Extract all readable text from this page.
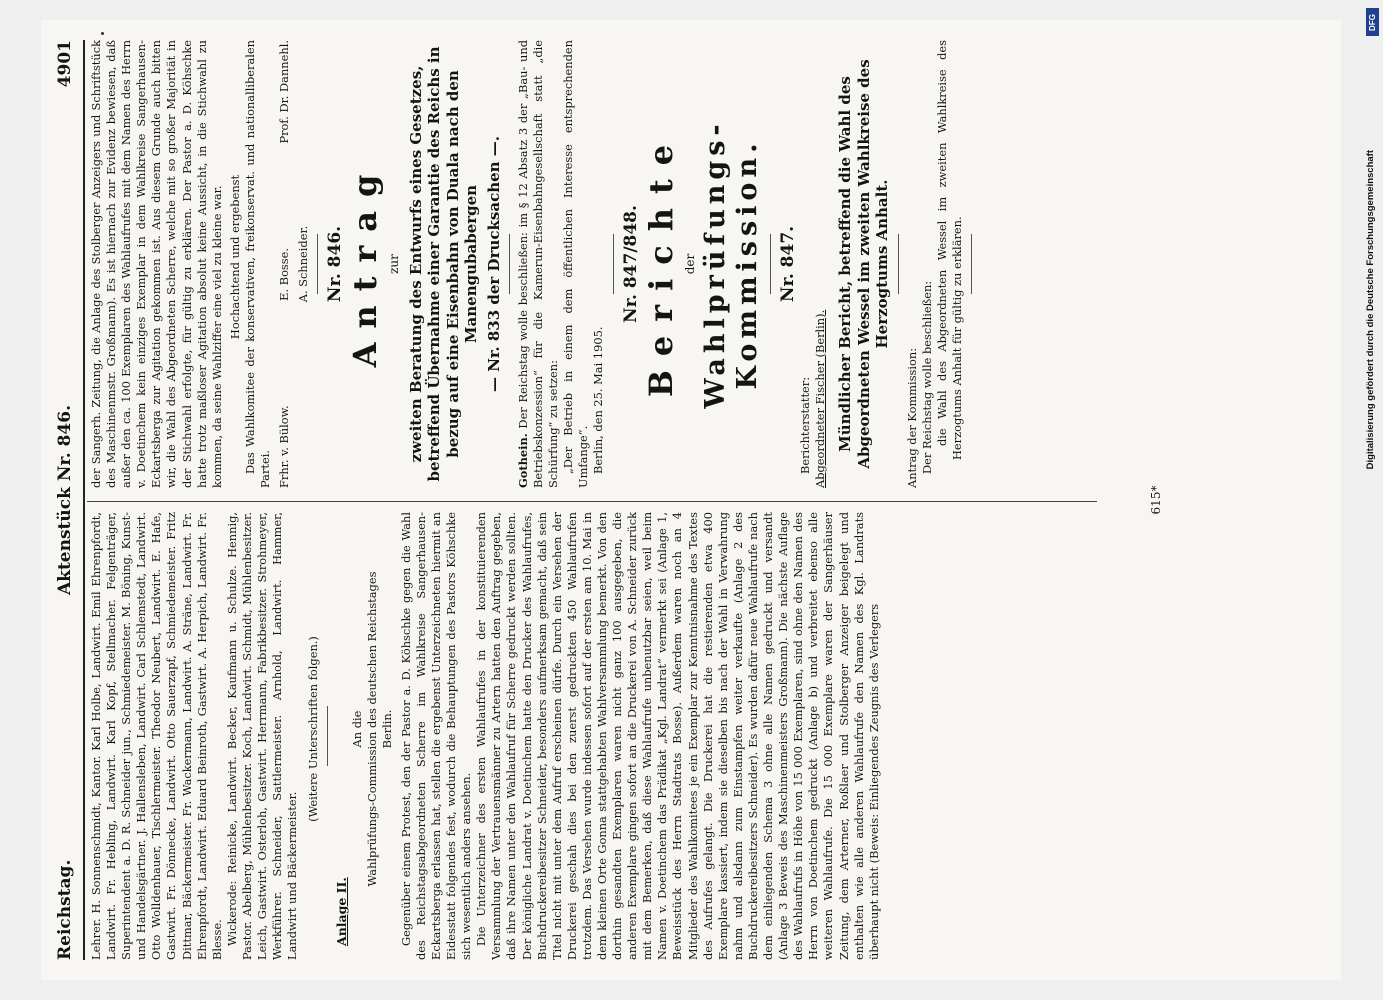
Reichstag.
Aktenstück Nr. 846.
4901

Lehrer. H. Sonnenschmidt, Kantor. Karl Holbe, Landwirt. Emil Ehrenpfordt, Landwirt. Fr. Hebling, Landwirt. Karl Kopf, Stellmacher. Felgenträger, Superintendent a. D. R. Schneider jun., Schmiedemeister. M. Böning, Kunst- und Handelsgärtner. J. Hallensleben, Landwirt. Carl Schlemstedt, Landwirt. Otto Wolldenhauer, Tischlermeister. Theodor Neubert, Landwirt. E. Hafe, Gastwirt. Fr. Dönnecke, Landwirt. Otto Sauerzapf, Schmiedemeister. Fritz Dittmar, Bäckermeister. Fr. Wackermann, Landwirt. A. Sträne, Landwirt. Fr. Ehrenpfordt, Landwirt. Eduard Beinroth, Gastwirt. A. Herpich, Landwirt. Fr. Blesse. Wickerode: Reinicke, Landwirt. Becker, Kaufmann u. Schulze. Hennig, Pastor. Abelberg, Mühlenbesitzer. Koch, Landwirt. Schmidt, Mühlenbesitzer. Leich, Gastwirt. Osterloh, Gastwirt. Herrmann, Fabrikbesitzer. Strohmeyer, Werkführer. Schneider, Sattlermeister. Arnhold, Landwirt. Hammer, Landwirt und Bäckermeister.

(Weitere Unterschriften folgen.)

Anlage II.

An die Wahlprüfungs-Commission des deutschen Reichstages Berlin. Gegenüber einem Protest, den der Pastor a. D. Köhschke gegen die Wahl des Reichstagsabgeordneten Scherre im Wahlkreise Sangerhausen-Eckartsberga erlassen hat, stellen die ergebenst Unterzeichneten hiermit an Eidesstatt folgendes fest, wodurch die Behauptungen des Pastors Köhschke sich wesentlich anders ansehen. Die Unterzeichner des ersten Wahlaufrufes in der konstituierenden Versammlung der Vertrauensmänner zu Artern hatten den Auftrag gegeben, daß ihre Namen unter den Wahlaufruf für Scherre gedruckt werden sollten. Der königliche Landrat v. Doetinchem hatte den Drucker des Wahlaufrufes, Buchdruckereibesitzer Schneider, besonders aufmerksam gemacht, daß sein Titel nicht mit unter dem Aufruf erscheinen dürfe. Durch ein Versehen der Druckerei geschah dies bei den zuerst gedruckten 450 Wahlaufrufen trotzdem. Das Versehen wurde indessen sofort auf der ersten am 10. Mai in dem kleinen Orte Gonna stattgehabten Wahlversammlung bemerkt. Von den dorthin gesandten Exemplaren waren nicht ganz 100 ausgegeben, die anderen Exemplare gingen sofort an die Druckerei von A. Schneider zurück mit dem Bemerken, daß diese Wahlaufrufe unbenutzbar seien, weil beim Namen v. Doetinchem das Prädikat „Kgl. Landrat“ vermerkt sei (Anlage 1, Beweisstück des Herrn Stadtrats Bosse). Außerdem waren noch an 4 Mitglieder des Wahlkomitees je ein Exemplar zur Kenntnisnahme des Textes des Aufrufes gelangt. Die Druckerei hat die restierenden etwa 400 Exemplare kassiert, indem sie dieselben bis nach der Wahl in Verwahrung nahm und alsdann zum Einstampfen weiter verkaufte (Anlage 2 des Buchdruckereibesitzers Schneider). Es wurden dafür neue Wahlaufrufe nach dem einliegenden Schema 3 ohne alle Namen gedruckt und versandt (Anlage 3 Beweis des Maschinenmeisters Großmann). Die nächste Auflage des Wahlaufrufs in Höhe von 15 000 Exemplaren, sind ohne den Namen des Herrn von Doetinchem gedruckt (Anlage b) und verbreitet ebenso alle weiteren Wahlaufrufe. Die 15 000 Exemplare waren der Sangerhäuser Zeitung, dem Arterner, Roßlaer und Stolberger Anzeiger beigelegt und enthalten wie alle anderen Wahlaufrufe den Namen des Kgl. Landrats überhaupt nicht (Beweis: Einliegendes Zeugnis des Verlegers

der Sangerh. Zeitung, die Anlage des Stolberger Anzeigers und Schriftstück des Maschinenmstr. Großmann). Es ist hiernach zur Evidenz bewiesen, daß außer den ca. 100 Exemplaren des Wahlaufrufes mit dem Namen des Herrn v. Doetinchem kein einziges Exemplar in dem Wahlkreise Sangerhausen-Eckartsberga zur Agitation gekommen ist. Aus diesem Grunde auch bitten wir, die Wahl des Abgeordneten Scherre, welche mit so großer Majorität in der Stichwahl erfolgte, für gültig zu erklären. Der Pastor a. D. Köhschke hatte trotz maßloser Agitation absolut keine Aussicht, in die Stichwahl zu kommen, da seine Wahlziffer eine viel zu kleine war. Hochachtend und ergebenst Das Wahlkomitee der konservativen, freikonservat. und nationalliberalen Partei. Frhr. v. Bülow.
E. Bosse.
Prof. Dr. Dannehl.
A. Schneider. Nr. 846. Antrag zur zweiten Beratung des Entwurfs eines Gesetzes, betreffend Übernahme einer Garantie des Reichs in bezug auf eine Eisenbahn von Duala nach den Manengubabergen — Nr. 833 der Drucksachen —.

Gothein. Der Reichstag wolle beschließen: im § 12 Absatz 3 der „Bau- und Betriebskonzession“ für die Kamerun-Eisenbahngesellschaft statt „die Schürfung“ zu setzen: „Der Betrieb in einem dem öffentlichen Interesse entsprechenden Umfange“. Berlin, den 25. Mai 1905.

Nr. 847/848. Berichte der Wahlprüfungs-Kommission. Nr. 847.

Berichterstatter: Abgeordneter Fischer (Berlin). Mündlicher Bericht, betreffend die Wahl des Abgeordneten Wessel im zweiten Wahlkreise des Herzogtums Anhalt.

Antrag der Kommission: Der Reichstag wolle beschließen: die Wahl des Abgeordneten Wessel im zweiten Wahlkreise des Herzogtums Anhalt für gültig zu erklären.

615*
DFG
Digitalisierung gefördert durch die Deutsche Forschungsgemeinschaft
